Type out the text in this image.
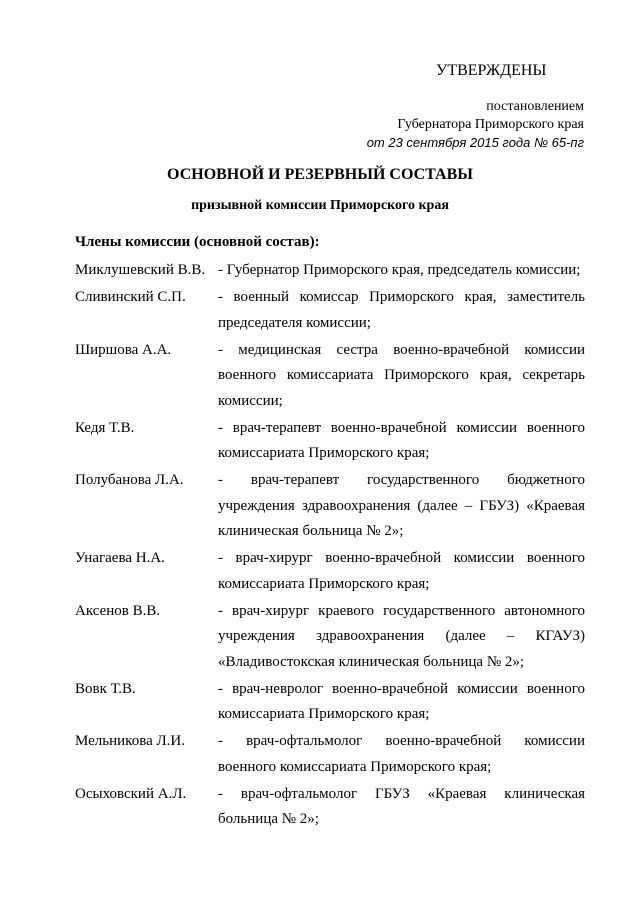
УТВЕРЖДЕНЫ
постановлением
Губернатора Приморского края
от 23 сентября 2015 года № 65-пг
ОСНОВНОЙ И РЕЗЕРВНЫЙ СОСТАВЫ
призывной комиссии Приморского края
Члены комиссии (основной состав):
Миклушевский В.В. - Губернатор Приморского края, председатель комиссии;
Сливинский С.П.	- военный комиссар Приморского края, заместитель председателя комиссии;
Ширшова А.А.	- медицинская сестра военно-врачебной комиссии военного комиссариата Приморского края, секретарь комиссии;
Кедя Т.В.	- врач-терапевт военно-врачебной комиссии военного комиссариата Приморского края;
Полубанова Л.А.	- врач-терапевт государственного бюджетного учреждения здравоохранения (далее – ГБУЗ) «Краевая клиническая больница № 2»;
Унагаева Н.А.	- врач-хирург военно-врачебной комиссии военного комиссариата Приморского края;
Аксенов В.В.	- врач-хирург краевого государственного автономного учреждения здравоохранения (далее – КГАУЗ) «Владивостокская клиническая больница № 2»;
Вовк Т.В.	- врач-невролог военно-врачебной комиссии военного комиссариата Приморского края;
Мельникова Л.И.	- врач-офтальмолог военно-врачебной комиссии военного комиссариата Приморского края;
Осыховский А.Л.	- врач-офтальмолог ГБУЗ «Краевая клиническая больница № 2»;
